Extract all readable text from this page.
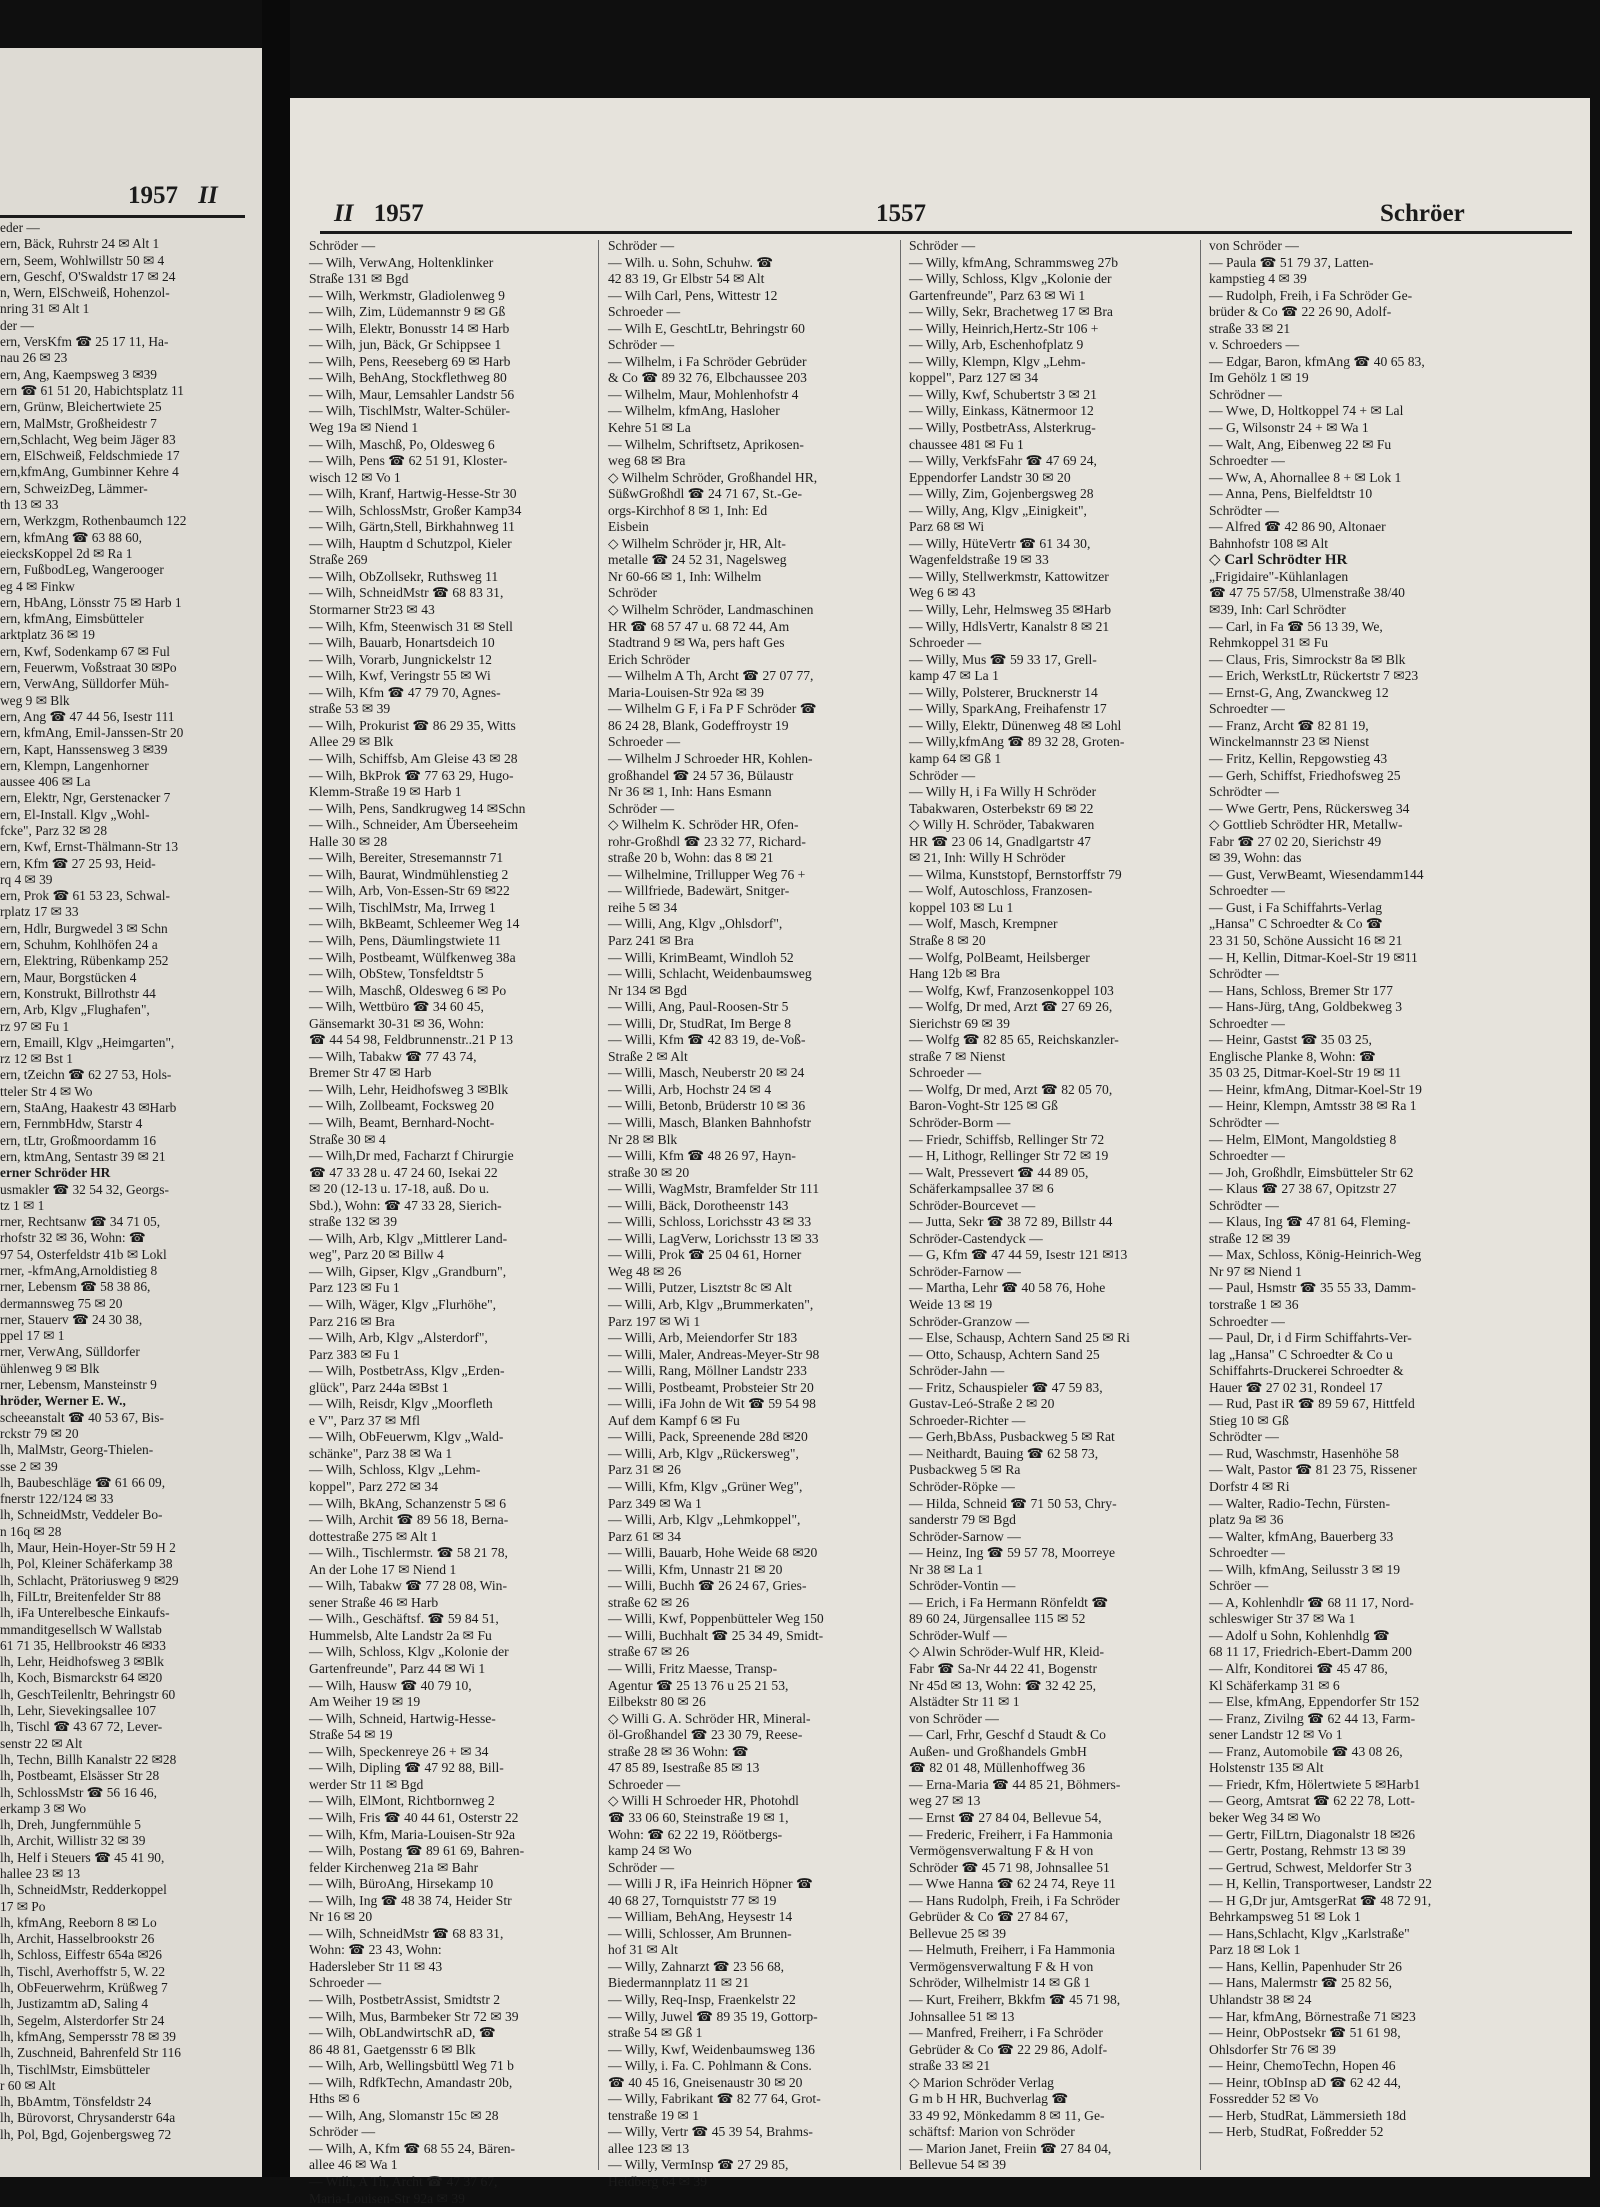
1957 II
eder —
ern, Bäck, Ruhrstr 24 ✉ Alt 1
ern, Seem, Wohlwillstr 50 ✉ 4
ern, Geschf, O'Swaldstr 17 ✉ 24
n, Wern, ElSchweiß, Hohenzol-
nring 31 ✉ Alt 1
der —
ern, VersKfm ☎ 25 17 11, Ha-
nau 26 ✉ 23
ern, Ang, Kaempsweg 3 ✉39
ern ☎ 61 51 20, Habichtsplatz 11
ern, Grünw, Bleichertwiete 25
ern, MalMstr, Großheidestr 7
ern,Schlacht, Weg beim Jäger 83
ern, ElSchweiß, Feldschmiede 17
ern,kfmAng, Gumbinner Kehre 4
ern, SchweizDeg, Lämmer-
th 13 ✉ 33
ern, Werkzgm, Rothenbaumch 122
ern, kfmAng ☎ 63 88 60,
eiecksKoppel 2d ✉ Ra 1
ern, FußbodLeg, Wangerooger
eg 4 ✉ Finkw
ern, HbAng, Lönsstr 75 ✉ Harb 1
ern, kfmAng, Eimsbütteler
arktplatz 36 ✉ 19
ern, Kwf, Sodenkamp 67 ✉ Ful
ern, Feuerwm, Voßstraat 30 ✉Po
ern, VerwAng, Sülldorfer Müh-
weg 9 ✉ Blk
ern, Ang ☎ 47 44 56, Isestr 111
ern, kfmAng, Emil-Janssen-Str 20
ern, Kapt, Hanssensweg 3 ✉39
ern, Klempn, Langenhorner
aussee 406 ✉ La
ern, Elektr, Ngr, Gerstenacker 7
ern, El-Install. Klgv „Wohl-
fcke", Parz 32 ✉ 28
ern, Kwf, Ernst-Thälmann-Str 13
ern, Kfm ☎ 27 25 93, Heid-
rq 4 ✉ 39
ern, Prok ☎ 61 53 23, Schwal-
rplatz 17 ✉ 33
ern, Hdlr, Burgwedel 3 ✉ Schn
ern, Schuhm, Kohlhöfen 24 a
ern, Elektring, Rübenkamp 252
ern, Maur, Borgstücken 4
ern, Konstrukt, Billrothstr 44
ern, Arb, Klgv „Flughafen",
rz 97 ✉ Fu 1
ern, Emaill, Klgv „Heimgarten",
rz 12 ✉ Bst 1
ern, tZeichn ☎ 62 27 53, Hols-
tteler Str 4 ✉ Wo
ern, StaAng, Haakestr 43 ✉Harb
ern, FernmbHdw, Starstr 4
ern, tLtr, Großmoordamm 16
ern, ktmAng, Sentastr 39 ✉ 21
erner Schröder HR
usmakler ☎ 32 54 32, Georgs-
tz 1 ✉ 1
rner, Rechtsanw ☎ 34 71 05,
rhofstr 32 ✉ 36, Wohn: ☎
97 54, Osterfeldstr 41b ✉ Lokl
rner, -kfmAng,Arnoldistieg 8
rner, Lebensm ☎ 58 38 86,
dermannsweg 75 ✉ 20
rner, Stauerv ☎ 24 30 38,
ppel 17 ✉ 1
rner, VerwAng, Sülldorfer
ühlenweg 9 ✉ Blk
rner, Lebensm, Mansteinstr 9
hröder, Werner E. W.,
scheeanstalt ☎ 40 53 67, Bis-
rckstr 79 ✉ 20
lh, MalMstr, Georg-Thielen-
sse 2 ✉ 39
lh, Baubeschläge ☎ 61 66 09,
fnerstr 122/124 ✉ 33
lh, SchneidMstr, Veddeler Bo-
n 16q ✉ 28
lh, Maur, Hein-Hoyer-Str 59 H 2
lh, Pol, Kleiner Schäferkamp 38
lh, Schlacht, Prätoriusweg 9 ✉29
lh, FilLtr, Breitenfelder Str 88
lh, iFa Unterelbesche Einkaufs-
mmanditgesellsch W Wallstab
61 71 35, Hellbrookstr 46 ✉33
lh, Lehr, Heidhofsweg 3 ✉Blk
lh, Koch, Bismarckstr 64 ✉20
lh, GeschTeilenltr, Behringstr 60
lh, Lehr, Sievekingsallee 107
lh, Tischl ☎ 43 67 72, Lever-
senstr 22 ✉ Alt
lh, Techn, Billh Kanalstr 22 ✉28
lh, Postbeamt, Elsässer Str 28
lh, SchlossMstr ☎ 56 16 46,
erkamp 3 ✉ Wo
lh, Dreh, Jungfernmühle 5
lh, Archit, Willistr 32 ✉ 39
lh, Helf i Steuers ☎ 45 41 90,
hallee 23 ✉ 13
lh, SchneidMstr, Redderkoppel
17 ✉ Po
lh, kfmAng, Reeborn 8 ✉ Lo
lh, Archit, Hasselbrookstr 26
lh, Schloss, Eiffestr 654a ✉26
lh, Tischl, Averhoffstr 5, W. 22
lh, ObFeuerwehrm, Krüßweg 7
lh, Justizamtm aD, Saling 4
lh, Segelm, Alsterdorfer Str 24
lh, kfmAng, Sempersstr 78 ✉ 39
lh, Zuschneid, Bahrenfeld Str 116
lh, TischlMstr, Eimsbütteler
r 60 ✉ Alt
lh, BbAmtm, Tönsfeldstr 24
lh, Bürovorst, Chrysanderstr 64a
lh, Pol, Bgd, Gojenbergsweg 72
II 1957	1557	Schröer
Schröder —
— Wilh, VerwAng, Holtenklinker
Straße 131 ✉ Bgd
— Wilh, Werkmstr, Gladiolenweg 9
— Wilh, Zim, Lüdemannstr 9 ✉ Gß
— Wilh, Elektr, Bonusstr 14 ✉ Harb
— Wilh, jun, Bäck, Gr Schippsee 1
— Wilh, Pens, Reeseberg 69 ✉ Harb
— Wilh, BehAng, Stockflethweg 80
— Wilh, Maur, Lemsahler Landstr 56
— Wilh, TischlMstr, Walter-Schüler-
Weg 19a ✉ Niend 1
— Wilh, Maschß, Po, Oldesweg 6
— Wilh, Pens ☎ 62 51 91, Kloster-
wisch 12 ✉ Vo 1
— Wilh, Kranf, Hartwig-Hesse-Str 30
— Wilh, SchlossMstr, Großer Kamp34
— Wilh, Gärtn,Stell, Birkhahnweg 11
— Wilh, Hauptm d Schutzpol, Kieler
Straße 269
— Wilh, ObZollsekr, Ruthsweg 11
— Wilh, SchneidMstr ☎ 68 83 31,
Stormarner Str23 ✉ 43
— Wilh, Kfm, Steenwisch 31 ✉ Stell
— Wilh, Bauarb, Honartsdeich 10
— Wilh, Vorarb, Jungnickelstr 12
— Wilh, Kwf, Veringstr 55 ✉ Wi
— Wilh, Kfm ☎ 47 79 70, Agnes-
straße 53 ✉ 39
— Wilh, Prokurist ☎ 86 29 35, Witts
Allee 29 ✉ Blk
— Wilh, Schiffsb, Am Gleise 43 ✉ 28
— Wilh, BkProk ☎ 77 63 29, Hugo-
Klemm-Straße 19 ✉ Harb 1
— Wilh, Pens, Sandkrugweg 14 ✉Schn
— Wilh., Schneider, Am Überseeheim
Halle 30 ✉ 28
— Wilh, Bereiter, Stresemannstr 71
— Wilh, Baurat, Windmühlenstieg 2
— Wilh, Arb, Von-Essen-Str 69 ✉22
— Wilh, TischlMstr, Ma, Irrweg 1
— Wilh, BkBeamt, Schleemer Weg 14
— Wilh, Pens, Däumlingstwiete 11
— Wilh, Postbeamt, Wülfkenweg 38a
— Wilh, ObStew, Tonsfeldtstr 5
— Wilh, Maschß, Oldesweg 6 ✉ Po
— Wilh, Wettbüro ☎ 34 60 45,
Gänsemarkt 30-31 ✉ 36, Wohn:
☎ 44 54 98, Feldbrunnenstr..21 P 13
— Wilh, Tabakw ☎ 77 43 74,
Bremer Str 47 ✉ Harb
— Wilh, Lehr, Heidhofsweg 3 ✉Blk
— Wilh, Zollbeamt, Focksweg 20
— Wilh, Beamt, Bernhard-Nocht-
Straße 30 ✉ 4
— Wilh,Dr med, Facharzt f Chirurgie
☎ 47 33 28 u. 47 24 60, Isekai 22
✉ 20 (12-13 u. 17-18, auß. Do u.
Sbd.), Wohn: ☎ 47 33 28, Sierich-
straße 132 ✉ 39
— Wilh, Arb, Klgv „Mittlerer Land-
weg", Parz 20 ✉ Billw 4
— Wilh, Gipser, Klgv „Grandburn",
Parz 123 ✉ Fu 1
— Wilh, Wäger, Klgv „Flurhöhe",
Parz 216 ✉ Bra
— Wilh, Arb, Klgv „Alsterdorf",
Parz 383 ✉ Fu 1
— Wilh, PostbetrAss, Klgv „Erden-
glück", Parz 244a ✉Bst 1
— Wilh, Reisdr, Klgv „Moorfleth
e V", Parz 37 ✉ Mfl
— Wilh, ObFeuerwm, Klgv „Wald-
schänke", Parz 38 ✉ Wa 1
— Wilh, Schloss, Klgv „Lehm-
koppel", Parz 272 ✉ 34
— Wilh, BkAng, Schanzenstr 5 ✉ 6
— Wilh, Archit ☎ 89 56 18, Berna-
dottestraße 275 ✉ Alt 1
— Wilh., Tischlermstr. ☎ 58 21 78,
An der Lohe 17 ✉ Niend 1
— Wilh, Tabakw ☎ 77 28 08, Win-
sener Straße 46 ✉ Harb
— Wilh., Geschäftsf. ☎ 59 84 51,
Hummelsb, Alte Landstr 2a ✉ Fu
— Wilh, Schloss, Klgv „Kolonie der
Gartenfreunde", Parz 44 ✉ Wi 1
— Wilh, Hausw ☎ 40 79 10,
Am Weiher 19 ✉ 19
— Wilh, Schneid, Hartwig-Hesse-
Straße 54 ✉ 19
— Wilh, Speckenreye 26 + ✉ 34
— Wilh, Dipling ☎ 47 92 88, Bill-
werder Str 11 ✉ Bgd
— Wilh, ElMont, Richtbornweg 2
— Wilh, Fris ☎ 40 44 61, Osterstr 22
— Wilh, Kfm, Maria-Louisen-Str 92a
— Wilh, Postang ☎ 89 61 69, Bahren-
felder Kirchenweg 21a ✉ Bahr
— Wilh, BüroAng, Hirsekamp 10
— Wilh, Ing ☎ 48 38 74, Heider Str
Nr 16 ✉ 20
— Wilh, SchneidMstr ☎ 68 83 31,
Wohn: ☎ 23 43, Wohn:
Hadersleber Str 11 ✉ 43
Schroeder —
— Wilh, PostbetrAssist, Smidtstr 2
— Wilh, Mus, Barmbeker Str 72 ✉ 39
— Wilh, ObLandwirtschR aD, ☎
86 48 81, Gaetgensstr 6 ✉ Blk
— Wilh, Arb, Wellingsbüttl Weg 71 b
— Wilh, RdfkTechn, Amandastr 20b,
Hths ✉ 6
— Wilh, Ang, Slomanstr 15c ✉ 28
Schröder —
— Wilh, A, Kfm ☎ 68 55 24, Bären-
allee 46 ✉ Wa 1
— Wilh, A Th, Archt ☎ 47 37 67,
Maria-Louisen-Str 92a ✉ 39
Schröder —
— Wilh. u. Sohn, Schuhw. ☎
42 83 19, Gr Elbstr 54 ✉ Alt
— Wilh Carl, Pens, Wittestr 12
Schroeder —
— Wilh E, GeschtLtr, Behringstr 60
Schröder —
— Wilhelm, i Fa Schröder Gebrüder
& Co ☎ 89 32 76, Elbchaussee 203
— Wilhelm, Maur, Mohlenhofstr 4
— Wilhelm, kfmAng, Hasloher
Kehre 51 ✉ La
— Wilhelm, Schriftsetz, Aprikosen-
weg 68 ✉ Bra
◇ Wilhelm Schröder, Großhandel HR,
SüßwGroßhdl ☎ 24 71 67, St.-Ge-
orgs-Kirchhof 8 ✉ 1, Inh: Ed
Eisbein
◇ Wilhelm Schröder jr, HR, Alt-
metalle ☎ 24 52 31, Nagelsweg
Nr 60-66 ✉ 1, Inh: Wilhelm
Schröder
◇ Wilhelm Schröder, Landmaschinen
HR ☎ 68 57 47 u. 68 72 44, Am
Stadtrand 9 ✉ Wa, pers haft Ges
Erich Schröder
— Wilhelm A Th, Archt ☎ 27 07 77,
Maria-Louisen-Str 92a ✉ 39
— Wilhelm G F, i Fa P F Schröder ☎
86 24 28, Blank, Godeffroystr 19
Schroeder —
— Wilhelm J Schroeder HR, Kohlen-
großhandel ☎ 24 57 36, Bülaustr
Nr 36 ✉ 1, Inh: Hans Esmann
Schröder —
◇ Wilhelm K. Schröder HR, Ofen-
rohr-Großhdl ☎ 23 32 77, Richard-
straße 20 b, Wohn: das 8 ✉ 21
— Wilhelmine, Trillupper Weg 76 +
— Willfriede, Badewärt, Snitger-
reihe 5 ✉ 34
— Willi, Ang, Klgv „Ohlsdorf",
Parz 241 ✉ Bra
— Willi, KrimBeamt, Windloh 52
— Willi, Schlacht, Weidenbaumsweg
Nr 134 ✉ Bgd
— Willi, Ang, Paul-Roosen-Str 5
— Willi, Dr, StudRat, Im Berge 8
— Willi, Kfm ☎ 42 83 19, de-Voß-
Straße 2 ✉ Alt
— Willi, Masch, Neuberstr 20 ✉ 24
— Willi, Arb, Hochstr 24 ✉ 4
— Willi, Betonb, Brüderstr 10 ✉ 36
— Willi, Masch, Blanken Bahnhofstr
Nr 28 ✉ Blk
— Willi, Kfm ☎ 48 26 97, Hayn-
straße 30 ✉ 20
— Willi, WagMstr, Bramfelder Str 111
— Willi, Bäck, Dorotheenstr 143
— Willi, Schloss, Lorichsstr 43 ✉ 33
— Willi, LagVerw, Lorichsstr 13 ✉ 33
— Willi, Prok ☎ 25 04 61, Horner
Weg 48 ✉ 26
— Willi, Putzer, Lisztstr 8c ✉ Alt
— Willi, Arb, Klgv „Brummerkaten",
Parz 197 ✉ Wi 1
— Willi, Arb, Meiendorfer Str 183
— Willi, Maler, Andreas-Meyer-Str 98
— Willi, Rang, Möllner Landstr 233
— Willi, Postbeamt, Probsteier Str 20
— Willi, iFa John de Wit ☎ 59 54 98
Auf dem Kampf 6 ✉ Fu
— Willi, Pack, Spreenende 28d ✉20
— Willi, Arb, Klgv „Rückersweg",
Parz 31 ✉ 26
— Willi, Kfm, Klgv „Grüner Weg",
Parz 349 ✉ Wa 1
— Willi, Arb, Klgv „Lehmkoppel",
Parz 61 ✉ 34
— Willi, Bauarb, Hohe Weide 68 ✉20
— Willi, Kfm, Unnastr 21 ✉ 20
— Willi, Buchh ☎ 26 24 67, Gries-
straße 62 ✉ 26
— Willi, Kwf, Poppenbütteler Weg 150
— Willi, Buchhalt ☎ 25 34 49, Smidt-
straße 67 ✉ 26
— Willi, Fritz Maesse, Transp-
Agentur ☎ 25 13 76 u 25 21 53,
Eilbekstr 80 ✉ 26
◇ Willi G. A. Schröder HR, Mineral-
öl-Großhandel ☎ 23 30 79, Reese-
straße 28 ✉ 36 Wohn: ☎
47 85 89, Isestraße 85 ✉ 13
Schroeder —
◇ Willi H Schroeder HR, Photohdl
☎ 33 06 60, Steinstraße 19 ✉ 1,
Wohn: ☎ 62 22 19, Röötbergs-
kamp 24 ✉ Wo
Schröder —
— Willi J R, iFa Heinrich Höpner ☎
40 68 27, Tornquiststr 77 ✉ 19
— William, BehAng, Heysestr 14
— Willi, Schlosser, Am Brunnen-
hof 31 ✉ Alt
— Willy, Zahnarzt ☎ 23 56 68,
Biedermannplatz 11 ✉ 21
— Willy, Req-Insp, Fraenkelstr 22
— Willy, Juwel ☎ 89 35 19, Gottorp-
straße 54 ✉ Gß 1
— Willy, Kwf, Weidenbaumsweg 136
— Willy, i. Fa. C. Pohlmann & Cons.
☎ 40 45 16, Gneisenaustr 30 ✉ 20
— Willy, Fabrikant ☎ 82 77 64, Grot-
tenstraße 19 ✉ 1
— Willy, Vertr ☎ 45 39 54, Brahms-
allee 123 ✉ 13
— Willy, VermInsp ☎ 27 29 85,
Heidberg 64 ✉ 39
Schröder —
— Willy, kfmAng, Schrammsweg 27b
— Willy, Schloss, Klgv „Kolonie der
Gartenfreunde", Parz 63 ✉ Wi 1
— Willy, Sekr, Brachetweg 17 ✉ Bra
— Willy, Heinrich,Hertz-Str 106 +
— Willy, Arb, Eschenhofplatz 9
— Willy, Klempn, Klgv „Lehm-
koppel", Parz 127 ✉ 34
— Willy, Kwf, Schubertstr 3 ✉ 21
— Willy, Einkass, Kätnermoor 12
— Willy, PostbetrAss, Alsterkrug-
chaussee 481 ✉ Fu 1
— Willy, VerkfsFahr ☎ 47 69 24,
Eppendorfer Landstr 30 ✉ 20
— Willy, Zim, Gojenbergsweg 28
— Willy, Ang, Klgv „Einigkeit",
Parz 68 ✉ Wi
— Willy, HüteVertr ☎ 61 34 30,
Wagenfeldstraße 19 ✉ 33
— Willy, Stellwerkmstr, Kattowitzer
Weg 6 ✉ 43
— Willy, Lehr, Helmsweg 35 ✉Harb
— Willy, HdlsVertr, Kanalstr 8 ✉ 21
Schroeder —
— Willy, Mus ☎ 59 33 17, Grell-
kamp 47 ✉ La 1
— Willy, Polsterer, Brucknerstr 14
— Willy, SparkAng, Freihafenstr 17
— Willy, Elektr, Dünenweg 48 ✉ Lohl
— Willy,kfmAng ☎ 89 32 28, Groten-
kamp 64 ✉ Gß 1
Schröder —
— Willy H, i Fa Willy H Schröder
Tabakwaren, Osterbekstr 69 ✉ 22
◇ Willy H. Schröder, Tabakwaren
HR ☎ 23 06 14, Gnadlgartstr 47
✉ 21, Inh: Willy H Schröder
— Wilma, Kunststopf, Bernstorffstr 79
— Wolf, Autoschloss, Franzosen-
koppel 103 ✉ Lu 1
— Wolf, Masch, Krempner
Straße 8 ✉ 20
— Wolfg, PolBeamt, Heilsberger
Hang 12b ✉ Bra
— Wolfg, Kwf, Franzosenkoppel 103
— Wolfg, Dr med, Arzt ☎ 27 69 26,
Sierichstr 69 ✉ 39
— Wolfg ☎ 82 85 65, Reichskanzler-
straße 7 ✉ Nienst
Schroeder —
— Wolfg, Dr med, Arzt ☎ 82 05 70,
Baron-Voght-Str 125 ✉ Gß
Schröder-Borm —
— Friedr, Schiffsb, Rellinger Str 72
— H, Lithogr, Rellinger Str 72 ✉ 19
— Walt, Pressevert ☎ 44 89 05,
Schäferkampsallee 37 ✉ 6
Schröder-Bourcevet —
— Jutta, Sekr ☎ 38 72 89, Billstr 44
Schröder-Castendyck —
— G, Kfm ☎ 47 44 59, Isestr 121 ✉13
Schröder-Farnow —
— Martha, Lehr ☎ 40 58 76, Hohe
Weide 13 ✉ 19
Schröder-Granzow —
— Else, Schausp, Achtern Sand 25 ✉ Ri
— Otto, Schausp, Achtern Sand 25
Schröder-Jahn —
— Fritz, Schauspieler ☎ 47 59 83,
Gustav-Leó-Straße 2 ✉ 20
Schroeder-Richter —
— Gerh,BbAss, Pusbackweg 5 ✉ Rat
— Neithardt, Bauing ☎ 62 58 73,
Pusbackweg 5 ✉ Ra
Schröder-Röpke —
— Hilda, Schneid ☎ 71 50 53, Chry-
sanderstr 79 ✉ Bgd
Schröder-Sarnow —
— Heinz, Ing ☎ 59 57 78, Moorreye
Nr 38 ✉ La 1
Schröder-Vontin —
— Erich, i Fa Hermann Rönfeldt ☎
89 60 24, Jürgensallee 115 ✉ 52
Schröder-Wulf —
◇ Alwin Schröder-Wulf HR, Kleid-
Fabr ☎ Sa-Nr 44 22 41, Bogenstr
Nr 45d ✉ 13, Wohn: ☎ 32 42 25,
Alstädter Str 11 ✉ 1
von Schröder —
— Carl, Frhr, Geschf d Staudt & Co
Außen- und Großhandels GmbH
☎ 82 01 48, Müllenhoffweg 36
— Erna-Maria ☎ 44 85 21, Böhmers-
weg 27 ✉ 13
— Ernst ☎ 27 84 04, Bellevue 54,
— Frederic, Freiherr, i Fa Hammonia
Vermögensverwaltung F & H von
Schröder ☎ 45 71 98, Johnsallee 51
— Wwe Hanna ☎ 62 24 74, Reye 11
— Hans Rudolph, Freih, i Fa Schröder
Gebrüder & Co ☎ 27 84 67,
Bellevue 25 ✉ 39
— Helmuth, Freiherr, i Fa Hammonia
Vermögensverwaltung F & H von
Schröder, Wilhelmistr 14 ✉ Gß 1
— Kurt, Freiherr, Bkkfm ☎ 45 71 98,
Johnsallee 51 ✉ 13
— Manfred, Freiherr, i Fa Schröder
Gebrüder & Co ☎ 22 29 86, Adolf-
straße 33 ✉ 21
◇ Marion Schröder Verlag
G m b H HR, Buchverlag ☎
33 49 92, Mönkedamm 8 ✉ 11, Ge-
schäftsf: Marion von Schröder
— Marion Janet, Freiin ☎ 27 84 04,
Bellevue 54 ✉ 39
von Schröder —
— Paula ☎ 51 79 37, Latten-
kampstieg 4 ✉ 39
— Rudolph, Freih, i Fa Schröder Ge-
brüder & Co ☎ 22 26 90, Adolf-
straße 33 ✉ 21
v. Schroeders —
— Edgar, Baron, kfmAng ☎ 40 65 83,
Im Gehölz 1 ✉ 19
Schrödner —
— Wwe, D, Holtkoppel 74 + ✉ Lal
— G, Wilsonstr 24 + ✉ Wa 1
— Walt, Ang, Eibenweg 22 ✉ Fu
Schroedter —
— Ww, A, Ahornallee 8 + ✉ Lok 1
— Anna, Pens, Bielfeldtstr 10
Schrödter —
— Alfred ☎ 42 86 90, Altonaer
Bahnhofstr 108 ✉ Alt
◇ Carl Schrödter HR
„Frigidaire"-Kühlanlagen
☎ 47 75 57/58, Ulmenstraße 38/40
✉39, Inh: Carl Schrödter
— Carl, in Fa ☎ 56 13 39, We,
Rehmkoppel 31 ✉ Fu
— Claus, Fris, Simrockstr 8a ✉ Blk
— Erich, WerkstLtr, Rückertstr 7 ✉23
— Ernst-G, Ang, Zwanckweg 12
Schroedter —
— Franz, Archt ☎ 82 81 19,
Winckelmannstr 23 ✉ Nienst
— Fritz, Kellin, Repgowstieg 43
— Gerh, Schiffst, Friedhofsweg 25
Schrödter —
— Wwe Gertr, Pens, Rückersweg 34
◇ Gottlieb Schrödter HR, Metallw-
Fabr ☎ 27 02 20, Sierichstr 49
✉ 39, Wohn: das
— Gust, VerwBeamt, Wiesendamm144
Schroedter —
— Gust, i Fa Schiffahrts-Verlag
„Hansa" C Schroedter & Co ☎
23 31 50, Schöne Aussicht 16 ✉ 21
— H, Kellin, Ditmar-Koel-Str 19 ✉11
Schrödter —
— Hans, Schloss, Bremer Str 177
— Hans-Jürg, tAng, Goldbekweg 3
Schroedter —
— Heinr, Gastst ☎ 35 03 25,
Englische Planke 8, Wohn: ☎
35 03 25, Ditmar-Koel-Str 19 ✉ 11
— Heinr, kfmAng, Ditmar-Koel-Str 19
— Heinr, Klempn, Amtsstr 38 ✉ Ra 1
Schrödter —
— Helm, ElMont, Mangoldstieg 8
Schroedter —
— Joh, Großhdlr, Eimsbütteler Str 62
— Klaus ☎ 27 38 67, Opitzstr 27
Schrödter —
— Klaus, Ing ☎ 47 81 64, Fleming-
straße 12 ✉ 39
— Max, Schloss, König-Heinrich-Weg
Nr 97 ✉ Niend 1
— Paul, Hsmstr ☎ 35 55 33, Damm-
torstraße 1 ✉ 36
Schroedter —
— Paul, Dr, i d Firm Schiffahrts-Ver-
lag „Hansa" C Schroedter & Co u
Schiffahrts-Druckerei Schroedter &
Hauer ☎ 27 02 31, Rondeel 17
— Rud, Past iR ☎ 89 59 67, Hittfeld
Stieg 10 ✉ Gß
Schrödter —
— Rud, Waschmstr, Hasenhöhe 58
— Walt, Pastor ☎ 81 23 75, Rissener
Dorfstr 4 ✉ Ri
— Walter, Radio-Techn, Fürsten-
platz 9a ✉ 36
— Walter, kfmAng, Bauerberg 33
Schroedter —
— Wilh, kfmAng, Seilusstr 3 ✉ 19
Schröer —
— A, Kohlenhdlr ☎ 68 11 17, Nord-
schleswiger Str 37 ✉ Wa 1
— Adolf u Sohn, Kohlenhdlg ☎
68 11 17, Friedrich-Ebert-Damm 200
— Alfr, Konditorei ☎ 45 47 86,
Kl Schäferkamp 31 ✉ 6
— Else, kfmAng, Eppendorfer Str 152
— Franz, Zivilng ☎ 62 44 13, Farm-
sener Landstr 12 ✉ Vo 1
— Franz, Automobile ☎ 43 08 26,
Holstenstr 135 ✉ Alt
— Friedr, Kfm, Hölertwiete 5 ✉Harb1
— Georg, Amtsrat ☎ 62 22 78, Lott-
beker Weg 34 ✉ Wo
— Gertr, FilLtrn, Diagonalstr 18 ✉26
— Gertr, Postang, Rehmstr 13 ✉ 39
— Gertrud, Schwest, Meldorfer Str 3
— H, Kellin, Transportweser, Landstr 22
— H G,Dr jur, AmtsgerRat ☎ 48 72 91,
Behrkampsweg 51 ✉ Lok 1
— Hans,Schlacht, Klgv „Karlstraße"
Parz 18 ✉ Lok 1
— Hans, Kellin, Papenhuder Str 26
— Hans, Malermstr ☎ 25 82 56,
Uhlandstr 38 ✉ 24
— Har, kfmAng, Börnestraße 71 ✉23
— Heinr, ObPostsekr ☎ 51 61 98,
Ohlsdorfer Str 76 ✉ 39
— Heinr, ChemoTechn, Hopen 46
— Heinr, tObInsp aD ☎ 62 42 44,
Fossredder 52 ✉ Vo
— Herb, StudRat, Lämmersieth 18d
— Herb, StudRat, Foßredder 52
